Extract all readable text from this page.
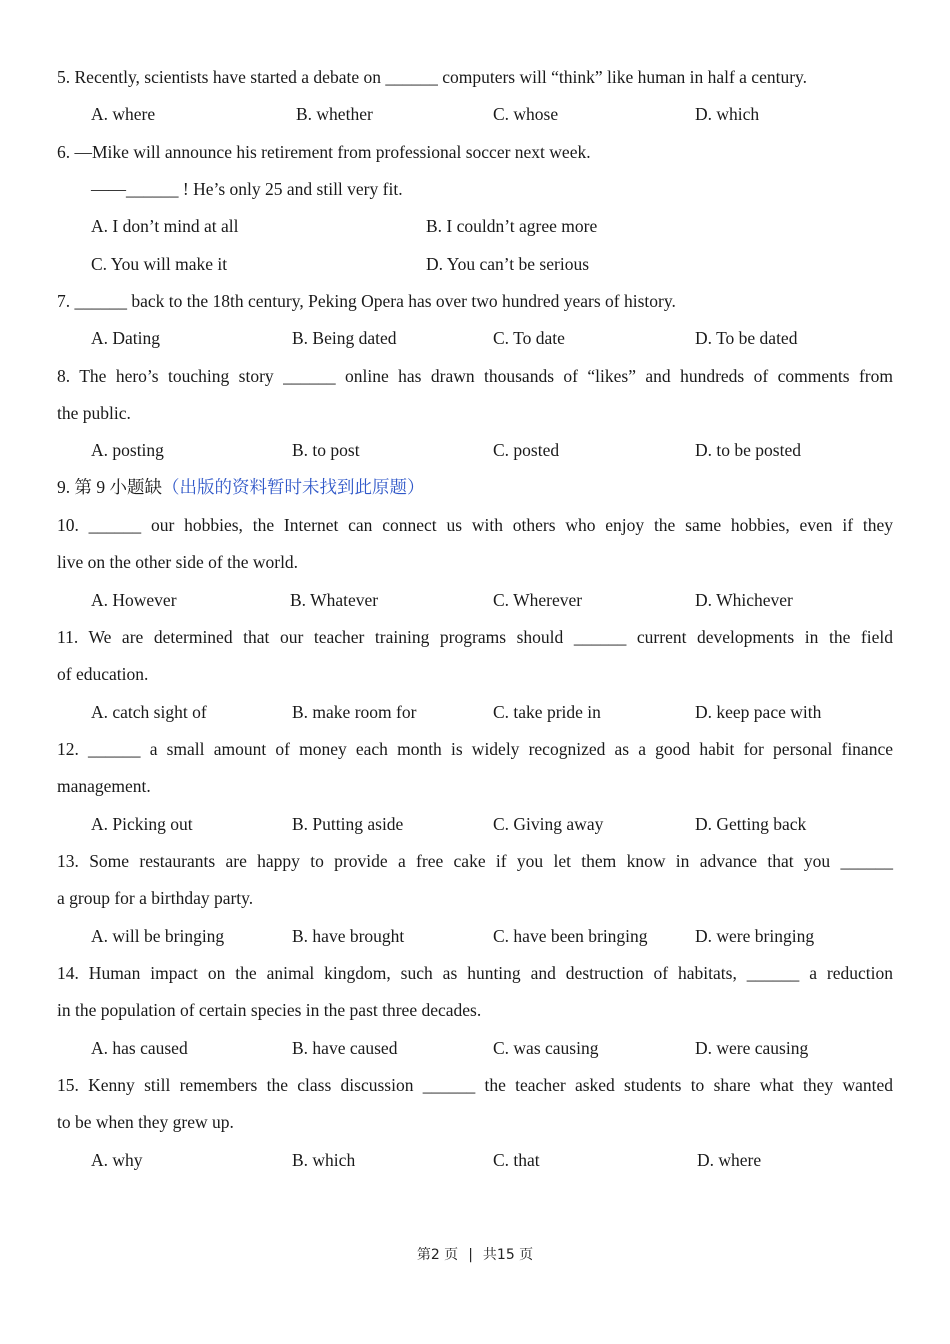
5. Recently, scientists have started a debate on ______ computers will “think” like human in half a century.
A. where	B. whether	C. whose	D. which
6. —Mike will announce his retirement from professional soccer next week.
——______ ! He’s only 25 and still very fit.
A. I don’t mind at all	B. I couldn’t agree more
C. You will make it	D. You can’t be serious
7. ______ back to the 18th century, Peking Opera has over two hundred years of history.
A. Dating	B. Being dated	C. To date	D. To be dated
8. The hero’s touching story ______ online has drawn thousands of “likes” and hundreds of comments from
the public.
A. posting	B. to post	C. posted	D. to be posted
9. 第 9 小题缺（出版的资料暂时未找到此原题）
10. ______ our hobbies, the Internet can connect us with others who enjoy the same hobbies, even if they
live on the other side of the world.
A. However	B. Whatever	C. Wherever	D. Whichever
11. We are determined that our teacher training programs should ______ current developments in the field
of education.
A. catch sight of	B. make room for	C. take pride in	D. keep pace with
12. ______ a small amount of money each month is widely recognized as a good habit for personal finance
management.
A. Picking out	B. Putting aside	C. Giving away	D. Getting back
13. Some restaurants are happy to provide a free cake if you let them know in advance that you ______
a group for a birthday party.
A. will be bringing	B. have brought	C. have been bringing	D. were bringing
14. Human impact on the animal kingdom, such as hunting and destruction of habitats, ______ a reduction
in the population of certain species in the past three decades.
A. has caused	B. have caused	C. was causing	D. were causing
15. Kenny still remembers the class discussion ______ the teacher asked students to share what they wanted
to be when they grew up.
A. why	B. which	C. that	D. where
第2 页 | 共15 页
